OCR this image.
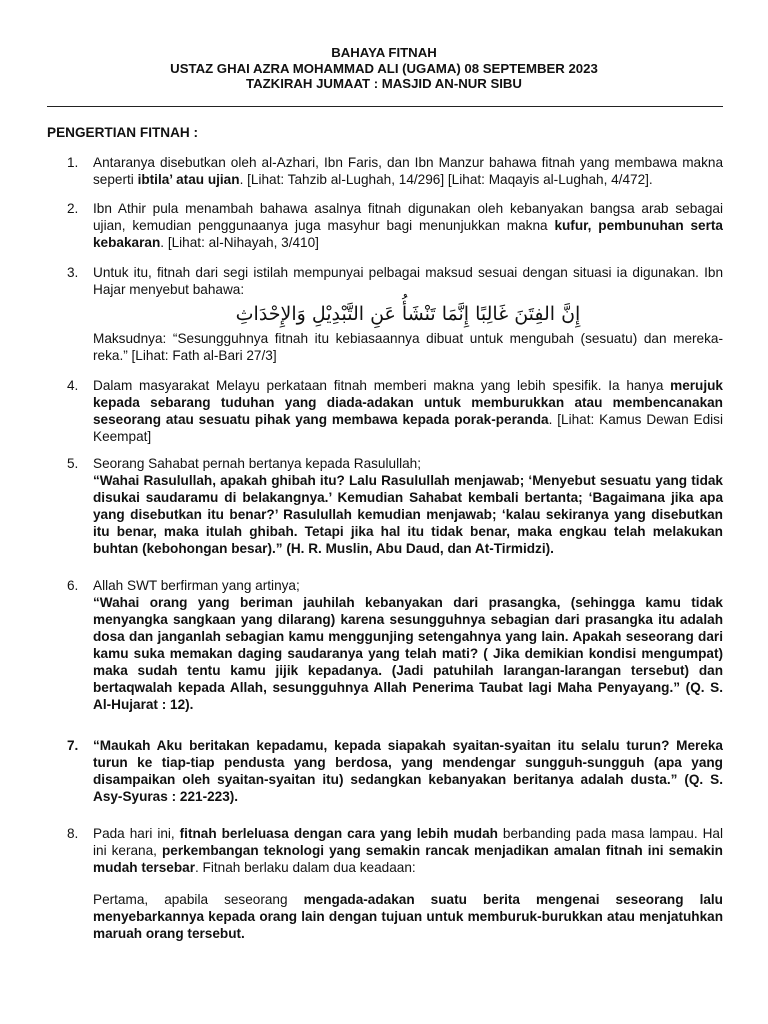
BAHAYA FITNAH
USTAZ GHAI AZRA MOHAMMAD ALI (UGAMA) 08 SEPTEMBER 2023
TAZKIRAH JUMAAT : MASJID AN-NUR SIBU
PENGERTIAN FITNAH :
1. Antaranya disebutkan oleh al-Azhari, Ibn Faris, dan Ibn Manzur bahawa fitnah yang membawa makna seperti ibtila’ atau ujian. [Lihat: Tahzib al-Lughah, 14/296] [Lihat: Maqayis al-Lughah, 4/472].
2. Ibn Athir pula menambah bahawa asalnya fitnah digunakan oleh kebanyakan bangsa arab sebagai ujian, kemudian penggunaanya juga masyhur bagi menunjukkan makna kufur, pembunuhan serta kebakaran. [Lihat: al-Nihayah, 3/410]
3. Untuk itu, fitnah dari segi istilah mempunyai pelbagai maksud sesuai dengan situasi ia digunakan. Ibn Hajar menyebut bahawa:
إِنَّ الفِتَنَ غَالِبًا إِنَّمَا تَنْشَأُ عَنِ التَّبْدِيْلِ وَالإِحْدَاثِ
Maksudnya: “Sesungguhnya fitnah itu kebiasaannya dibuat untuk mengubah (sesuatu) dan mereka-reka.” [Lihat: Fath al-Bari 27/3]
4. Dalam masyarakat Melayu perkataan fitnah memberi makna yang lebih spesifik. Ia hanya merujuk kepada sebarang tuduhan yang diada-adakan untuk memburukkan atau membencanakan seseorang atau sesuatu pihak yang membawa kepada porak-peranda. [Lihat: Kamus Dewan Edisi Keempat]
5. Seorang Sahabat pernah bertanya kepada Rasulullah;
“Wahai Rasulullah, apakah ghibah itu? Lalu Rasulullah menjawab; ‘Menyebut sesuatu yang tidak disukai saudaramu di belakangnya.’ Kemudian Sahabat kembali bertanta; ‘Bagaimana jika apa yang disebutkan itu benar?’ Rasulullah kemudian menjawab; ‘kalau sekiranya yang disebutkan itu benar, maka itulah ghibah. Tetapi jika hal itu tidak benar, maka engkau telah melakukan buhtan (kebohongan besar).” (H. R. Muslin, Abu Daud, dan At-Tirmidzi).
6. Allah SWT berfirman yang artinya;
“Wahai orang yang beriman jauhilah kebanyakan dari prasangka, (sehingga kamu tidak menyangka sangkaan yang dilarang) karena sesungguhnya sebagian dari prasangka itu adalah dosa dan janganlah sebagian kamu menggunjing setengahnya yang lain. Apakah seseorang dari kamu suka memakan daging saudaranya yang telah mati? ( Jika demikian kondisi mengumpat) maka sudah tentu kamu jijik kepadanya. (Jadi patuhilah larangan-larangan tersebut) dan bertaqwalah kepada Allah, sesungguhnya Allah Penerima Taubat lagi Maha Penyayang.” (Q. S. Al-Hujarat : 12).
7. “Maukah Aku beritakan kepadamu, kepada siapakah syaitan-syaitan itu selalu turun? Mereka turun ke tiap-tiap pendusta yang berdosa, yang mendengar sungguh-sungguh (apa yang disampaikan oleh syaitan-syaitan itu) sedangkan kebanyakan beritanya adalah dusta.” (Q. S. Asy-Syuras : 221-223).
8. Pada hari ini, fitnah berleluasa dengan cara yang lebih mudah berbanding pada masa lampau. Hal ini kerana, perkembangan teknologi yang semakin rancak menjadikan amalan fitnah ini semakin mudah tersebar. Fitnah berlaku dalam dua keadaan:
Pertama, apabila seseorang mengada-adakan suatu berita mengenai seseorang lalu menyebarkannya kepada orang lain dengan tujuan untuk memburuk-burukkan atau menjatuhkan maruah orang tersebut.
